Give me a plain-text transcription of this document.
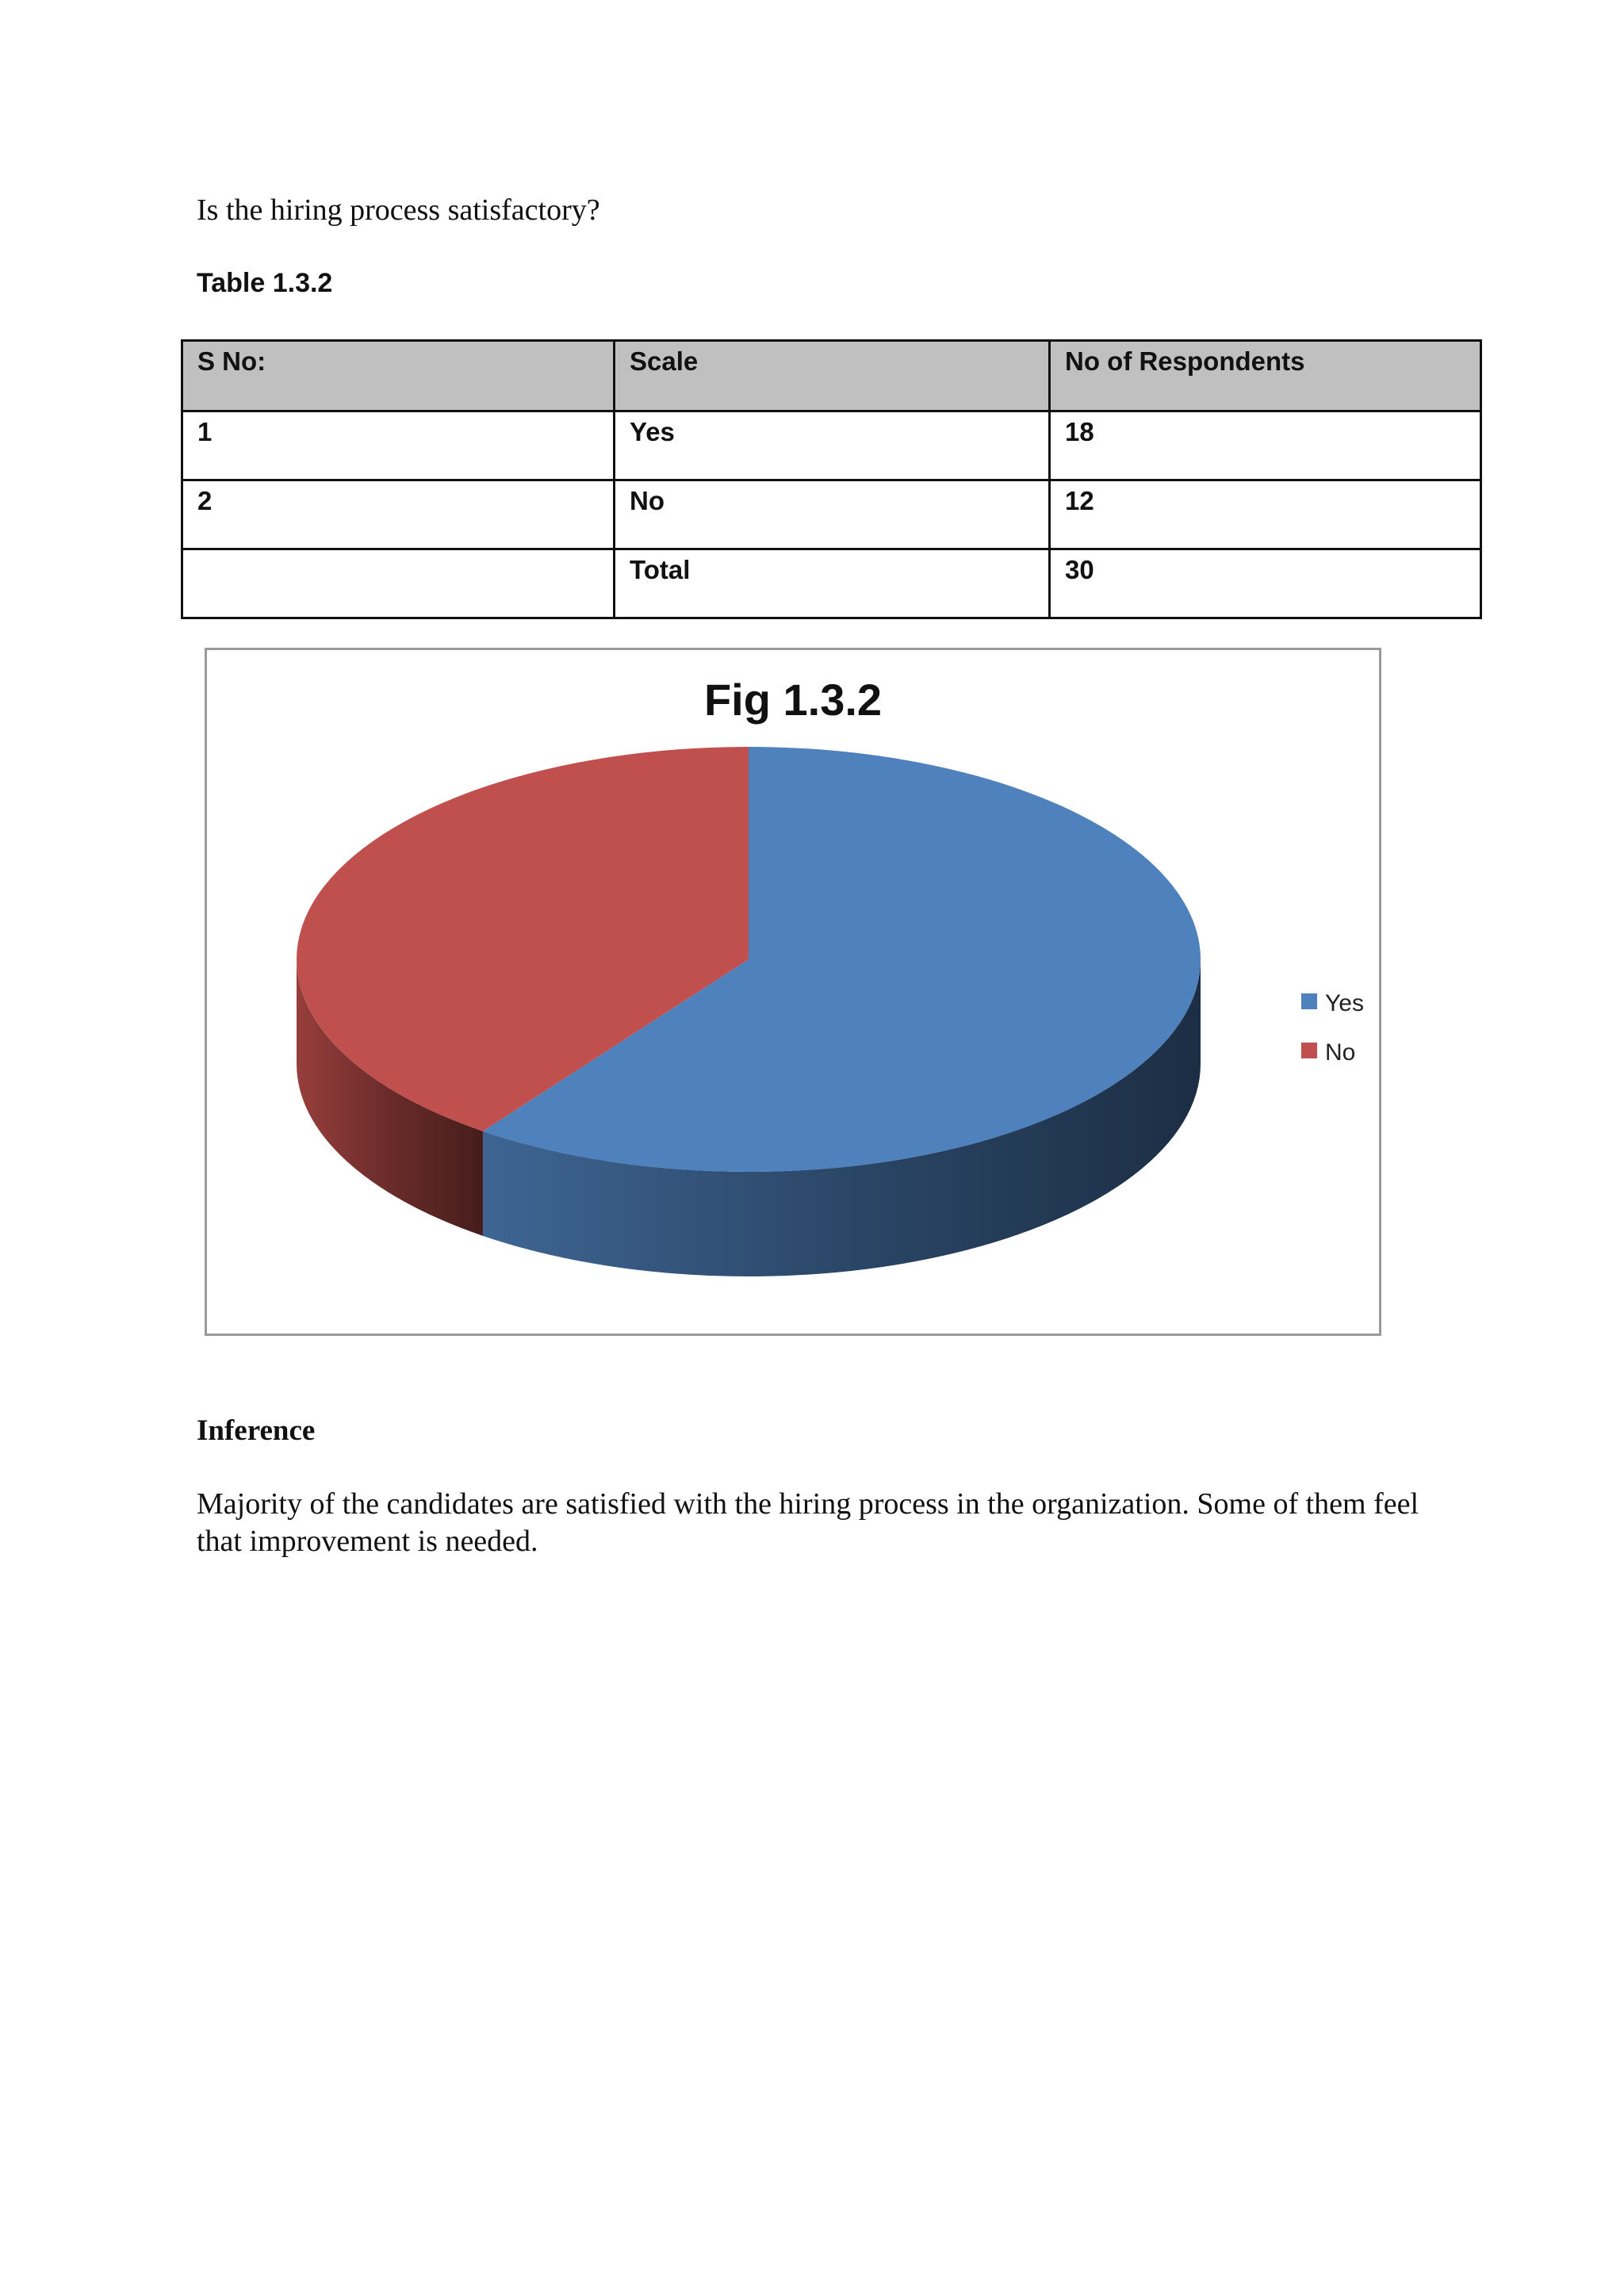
Is the hiring process satisfactory?
Table 1.3.2
S No:	Scale	No of Respondents
1	Yes	18
2	No	12
	Total	30
Fig 1.3.2
Yes
No
Inference
Majority of the candidates are satisfied with the hiring process in the organization. Some of them feel that improvement is needed.
